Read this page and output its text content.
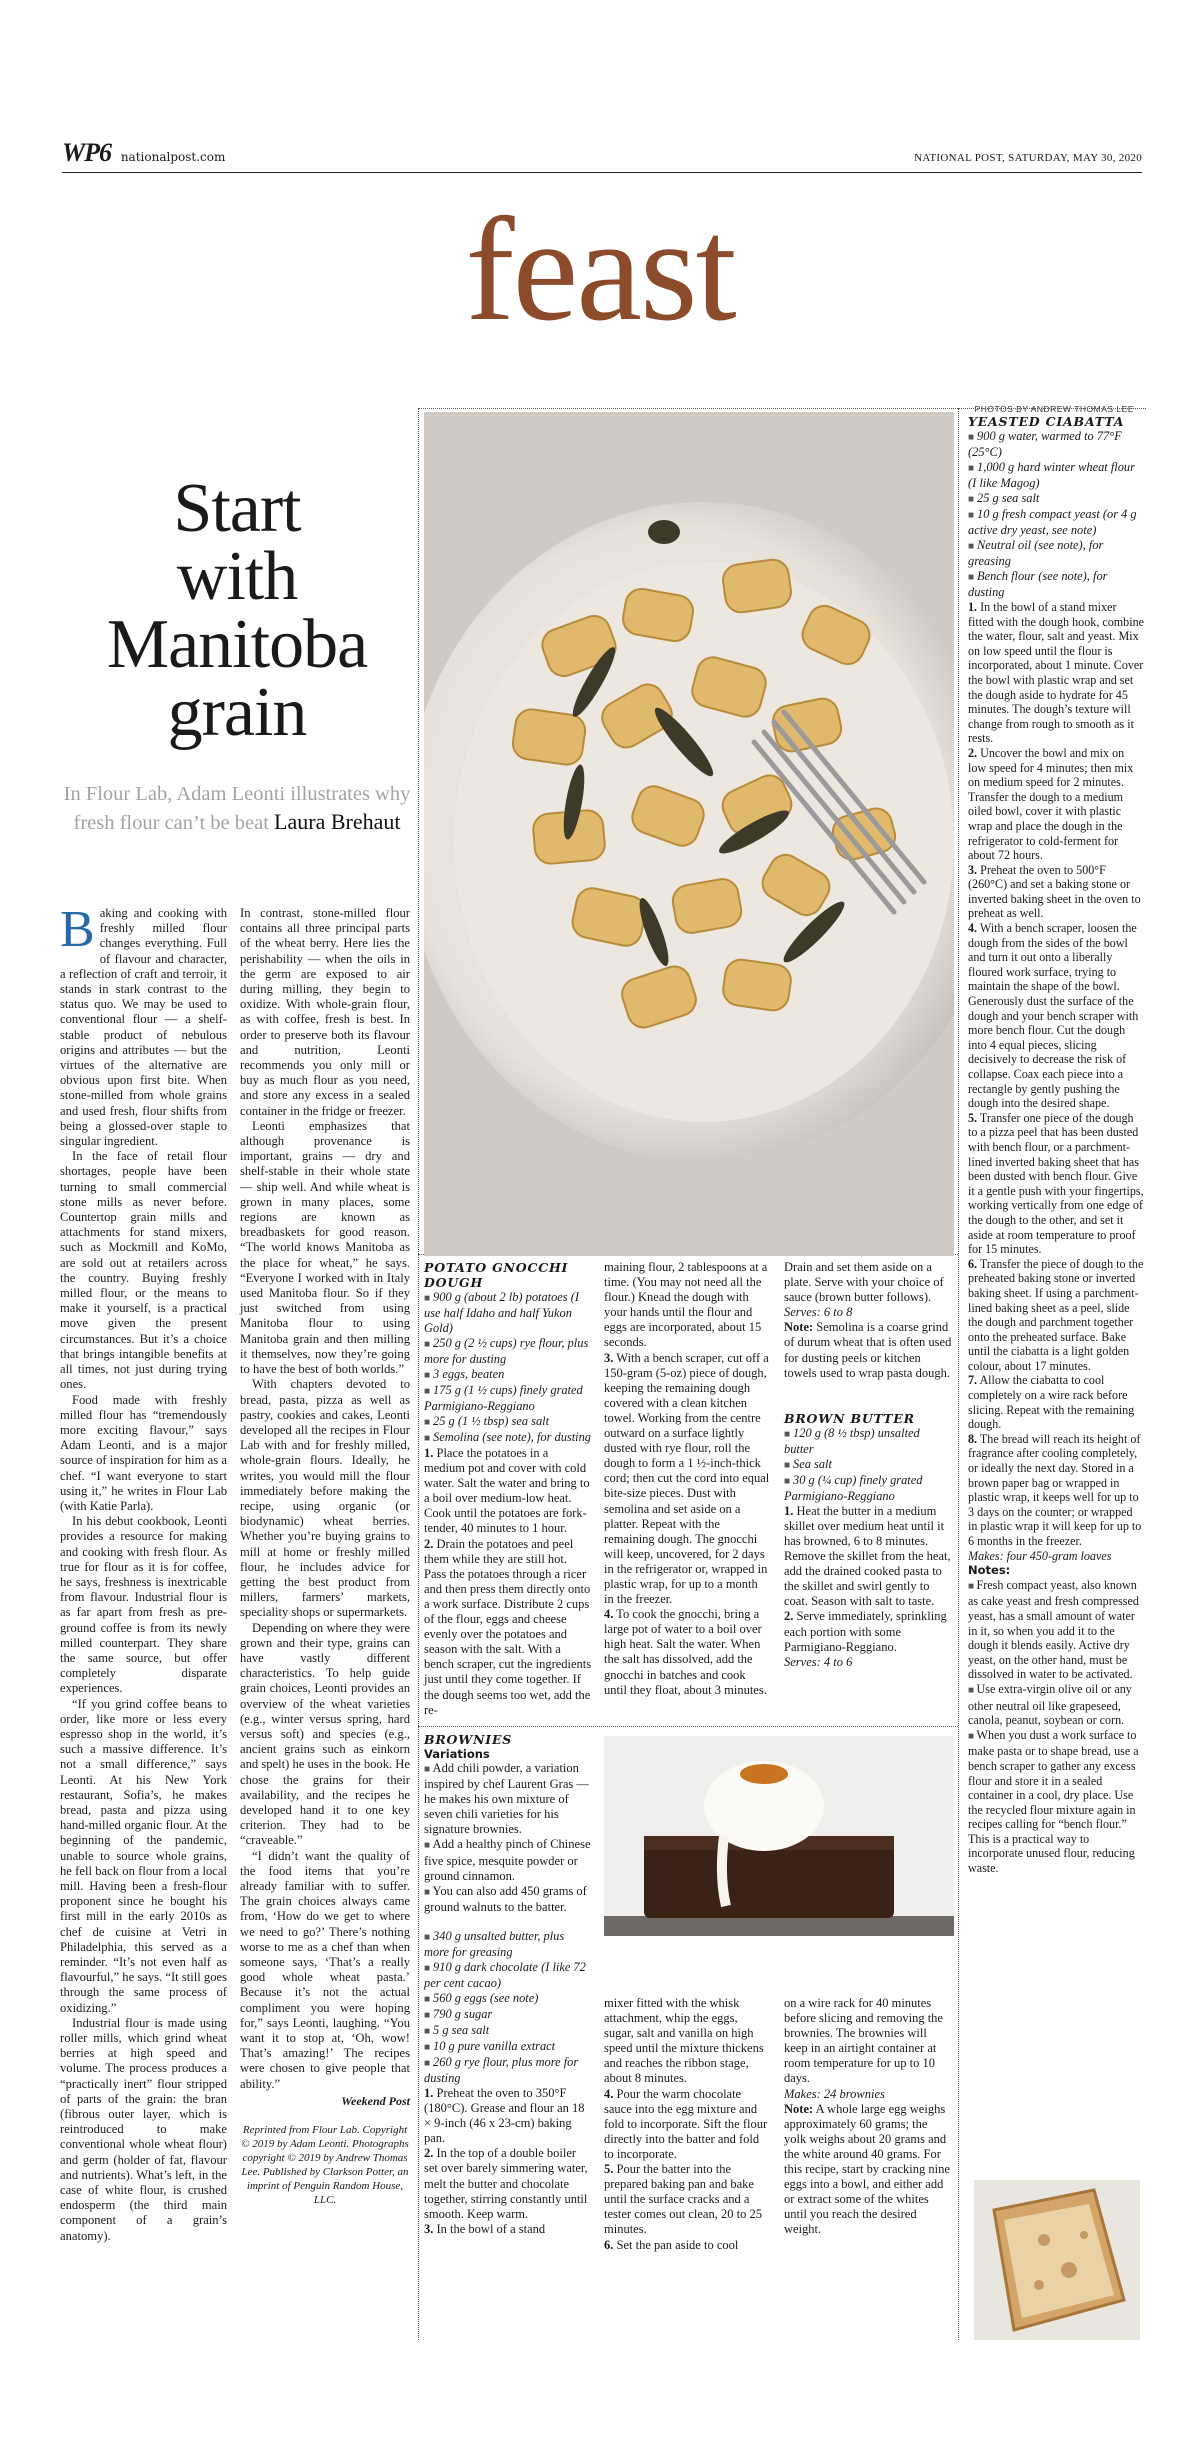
WP6 nationalpost.com	NATIONAL POST, SATURDAY, MAY 30, 2020
feast
PHOTOS BY ANDREW THOMAS LEE
Start
with
Manitoba
grain
In Flour Lab, Adam Leonti illustrates why fresh flour can’t be beat Laura Brehaut

Baking and cooking with freshly milled flour changes everything. Full of flavour and character, a reflection of craft and terroir, it stands in stark contrast to the status quo. We may be used to conventional flour — a shelf-stable product of nebulous origins and attributes — but the virtues of the alternative are obvious upon first bite. When stone-milled from whole grains and used fresh, flour shifts from being a glossed-over staple to singular ingredient.

In the face of retail flour shortages, people have been turning to small commercial stone mills as never before. Countertop grain mills and attachments for stand mixers, such as Mockmill and KoMo, are sold out at retailers across the country. Buying freshly milled flour, or the means to make it yourself, is a practical move given the present circumstances. But it’s a choice that brings intangible benefits at all times, not just during trying ones.

Food made with freshly milled flour has “tremendously more exciting flavour,” says Adam Leonti, and is a major source of inspiration for him as a chef. “I want everyone to start using it,” he writes in Flour Lab (with Katie Parla).

In his debut cookbook, Leonti provides a resource for making and cooking with fresh flour. As true for flour as it is for coffee, he says, freshness is inextricable from flavour. Industrial flour is as far apart from fresh as pre-ground coffee is from its newly milled counterpart. They share the same source, but offer completely disparate experiences.

“If you grind coffee beans to order, like more or less every espresso shop in the world, it’s such a massive difference. It’s not a small difference,” says Leonti. At his New York restaurant, Sofia’s, he makes bread, pasta and pizza using hand-milled organic flour. At the beginning of the pandemic, unable to source whole grains, he fell back on flour from a local mill. Having been a fresh-flour proponent since he bought his first mill in the early 2010s as chef de cuisine at Vetri in Philadelphia, this served as a reminder. “It’s not even half as flavourful,” he says. “It still goes through the same process of oxidizing.”

Industrial flour is made using roller mills, which grind wheat berries at high speed and volume. The process produces a “practically inert” flour stripped of parts of the grain: the bran (fibrous outer layer, which is reintroduced to make conventional whole wheat flour) and germ (holder of fat, flavour and nutrients). What’s left, in the case of white flour, is crushed endosperm (the third main component of a grain’s anatomy).

In contrast, stone-milled flour contains all three principal parts of the wheat berry. Here lies the perishability — when the oils in the germ are exposed to air during milling, they begin to oxidize. With whole-grain flour, as with coffee, fresh is best. In order to preserve both its flavour and nutrition, Leonti recommends you only mill or buy as much flour as you need, and store any excess in a sealed container in the fridge or freezer.

Leonti emphasizes that although provenance is important, grains — dry and shelf-stable in their whole state — ship well. And while wheat is grown in many places, some regions are known as breadbaskets for good reason. “The world knows Manitoba as the place for wheat,” he says. “Everyone I worked with in Italy used Manitoba flour. So if they just switched from using Manitoba flour to using Manitoba grain and then milling it themselves, now they’re going to have the best of both worlds.”

With chapters devoted to bread, pasta, pizza as well as pastry, cookies and cakes, Leonti developed all the recipes in Flour Lab with and for freshly milled, whole-grain flours. Ideally, he writes, you would mill the flour immediately before making the recipe, using organic (or biodynamic) wheat berries. Whether you’re buying grains to mill at home or freshly milled flour, he includes advice for getting the best product from millers, farmers’ markets, speciality shops or supermarkets.

Depending on where they were grown and their type, grains can have vastly different characteristics. To help guide grain choices, Leonti provides an overview of the wheat varieties (e.g., winter versus spring, hard versus soft) and species (e.g., ancient grains such as einkorn and spelt) he uses in the book. He chose the grains for their availability, and the recipes he developed hand it to one key criterion. They had to be “craveable.”

“I didn’t want the quality of the food items that you’re already familiar with to suffer. The grain choices always came from, ‘How do we get to where we need to go?’ There’s nothing worse to me as a chef than when someone says, ‘That’s a really good whole wheat pasta.’ Because it’s not the actual compliment you were hoping for,” says Leonti, laughing. “You want it to stop at, ‘Oh, wow! That’s amazing!’ The recipes were chosen to give people that ability.”

Weekend Post
Reprinted from Flour Lab. Copyright © 2019 by Adam Leonti. Photographs copyright © 2019 by Andrew Thomas Lee. Published by Clarkson Potter, an imprint of Penguin Random House, LLC.
POTATO GNOCCHI DOUGH
■ 900 g (about 2 lb) potatoes (I use half Idaho and half Yukon Gold)
■ 250 g (2 ½ cups) rye flour, plus more for dusting
■ 3 eggs, beaten
■ 175 g (1 ½ cups) finely grated Parmigiano-Reggiano
■ 25 g (1 ½ tbsp) sea salt
■ Semolina (see note), for dusting
1. Place the potatoes in a medium pot and cover with cold water. Salt the water and bring to a boil over medium-low heat. Cook until the potatoes are fork-tender, 40 minutes to 1 hour.
2. Drain the potatoes and peel them while they are still hot. Pass the potatoes through a ricer and then press them directly onto a work surface. Distribute 2 cups of the flour, eggs and cheese evenly over the potatoes and season with the salt. With a bench scraper, cut the ingredients just until they come together. If the dough seems too wet, add the re-
maining flour, 2 tablespoons at a time. (You may not need all the flour.) Knead the dough with your hands until the flour and eggs are incorporated, about 15 seconds.
3. With a bench scraper, cut off a 150-gram (5-oz) piece of dough, keeping the remaining dough covered with a clean kitchen towel. Working from the centre outward on a surface lightly dusted with rye flour, roll the dough to form a 1 ½-inch-thick cord; then cut the cord into equal bite-size pieces. Dust with semolina and set aside on a platter. Repeat with the remaining dough. The gnocchi will keep, uncovered, for 2 days in the refrigerator or, wrapped in plastic wrap, for up to a month in the freezer.
4. To cook the gnocchi, bring a large pot of water to a boil over high heat. Salt the water. When the salt has dissolved, add the gnocchi in batches and cook until they float, about 3 minutes.
Drain and set them aside on a plate. Serve with your choice of sauce (brown butter follows).
Serves: 6 to 8
Note: Semolina is a coarse grind of durum wheat that is often used for dusting peels or kitchen towels used to wrap pasta dough.
BROWN BUTTER
■ 120 g (8 ½ tbsp) unsalted butter
■ Sea salt
■ 30 g (¼ cup) finely grated Parmigiano-Reggiano
1. Heat the butter in a medium skillet over medium heat until it has browned, 6 to 8 minutes. Remove the skillet from the heat, add the drained cooked pasta to the skillet and swirl gently to coat. Season with salt to taste.
2. Serve immediately, sprinkling each portion with some Parmigiano-Reggiano.
Serves: 4 to 6
YEASTED CIABATTA
■ 900 g water, warmed to 77°F (25°C)
■ 1,000 g hard winter wheat flour (I like Magog)
■ 25 g sea salt
■ 10 g fresh compact yeast (or 4 g active dry yeast, see note)
■ Neutral oil (see note), for greasing
■ Bench flour (see note), for dusting
1. In the bowl of a stand mixer fitted with the dough hook, combine the water, flour, salt and yeast. Mix on low speed until the flour is incorporated, about 1 minute. Cover the bowl with plastic wrap and set the dough aside to hydrate for 45 minutes. The dough’s texture will change from rough to smooth as it rests.
2. Uncover the bowl and mix on low speed for 4 minutes; then mix on medium speed for 2 minutes. Transfer the dough to a medium oiled bowl, cover it with plastic wrap and place the dough in the refrigerator to cold-ferment for about 72 hours.
3. Preheat the oven to 500°F (260°C) and set a baking stone or inverted baking sheet in the oven to preheat as well.
4. With a bench scraper, loosen the dough from the sides of the bowl and turn it out onto a liberally floured work surface, trying to maintain the shape of the bowl. Generously dust the surface of the dough and your bench scraper with more bench flour. Cut the dough into 4 equal pieces, slicing decisively to decrease the risk of collapse. Coax each piece into a rectangle by gently pushing the dough into the desired shape.
5. Transfer one piece of the dough to a pizza peel that has been dusted with bench flour, or a parchment-lined inverted baking sheet that has been dusted with bench flour. Give it a gentle push with your fingertips, working vertically from one edge of the dough to the other, and set it aside at room temperature to proof for 15 minutes.
6. Transfer the piece of dough to the preheated baking stone or inverted baking sheet. If using a parchment-lined baking sheet as a peel, slide the dough and parchment together onto the preheated surface. Bake until the ciabatta is a light golden colour, about 17 minutes.
7. Allow the ciabatta to cool completely on a wire rack before slicing. Repeat with the remaining dough.
8. The bread will reach its height of fragrance after cooling completely, or ideally the next day. Stored in a brown paper bag or wrapped in plastic wrap, it keeps well for up to 3 days on the counter; or wrapped in plastic wrap it will keep for up to 6 months in the freezer.
Makes: four 450-gram loaves
Notes:
■ Fresh compact yeast, also known as cake yeast and fresh compressed yeast, has a small amount of water in it, so when you add it to the dough it blends easily. Active dry yeast, on the other hand, must be dissolved in water to be activated.
■ Use extra-virgin olive oil or any other neutral oil like grapeseed, canola, peanut, soybean or corn.
■ When you dust a work surface to make pasta or to shape bread, use a bench scraper to gather any excess flour and store it in a sealed container in a cool, dry place. Use the recycled flour mixture again in recipes calling for “bench flour.” This is a practical way to incorporate unused flour, reducing waste.
BROWNIES
Variations
■ Add chili powder, a variation inspired by chef Laurent Gras — he makes his own mixture of seven chili varieties for his signature brownies.
■ Add a healthy pinch of Chinese five spice, mesquite powder or ground cinnamon.
■ You can also add 450 grams of ground walnuts to the batter.
■ 340 g unsalted butter, plus more for greasing
■ 910 g dark chocolate (I like 72 per cent cacao)
■ 560 g eggs (see note)
■ 790 g sugar
■ 5 g sea salt
■ 10 g pure vanilla extract
■ 260 g rye flour, plus more for dusting
1. Preheat the oven to 350°F (180°C). Grease and flour an 18 × 9-inch (46 x 23-cm) baking pan.
2. In the top of a double boiler set over barely simmering water, melt the butter and chocolate together, stirring constantly until smooth. Keep warm.
3. In the bowl of a stand
mixer fitted with the whisk attachment, whip the eggs, sugar, salt and vanilla on high speed until the mixture thickens and reaches the ribbon stage, about 8 minutes.
4. Pour the warm chocolate sauce into the egg mixture and fold to incorporate. Sift the flour directly into the batter and fold to incorporate.
5. Pour the batter into the prepared baking pan and bake until the surface cracks and a tester comes out clean, 20 to 25 minutes.
6. Set the pan aside to cool
on a wire rack for 40 minutes before slicing and removing the brownies. The brownies will keep in an airtight container at room temperature for up to 10 days.
Makes: 24 brownies
Note: A whole large egg weighs approximately 60 grams; the yolk weighs about 20 grams and the white around 40 grams. For this recipe, start by cracking nine eggs into a bowl, and either add or extract some of the whites until you reach the desired weight.
